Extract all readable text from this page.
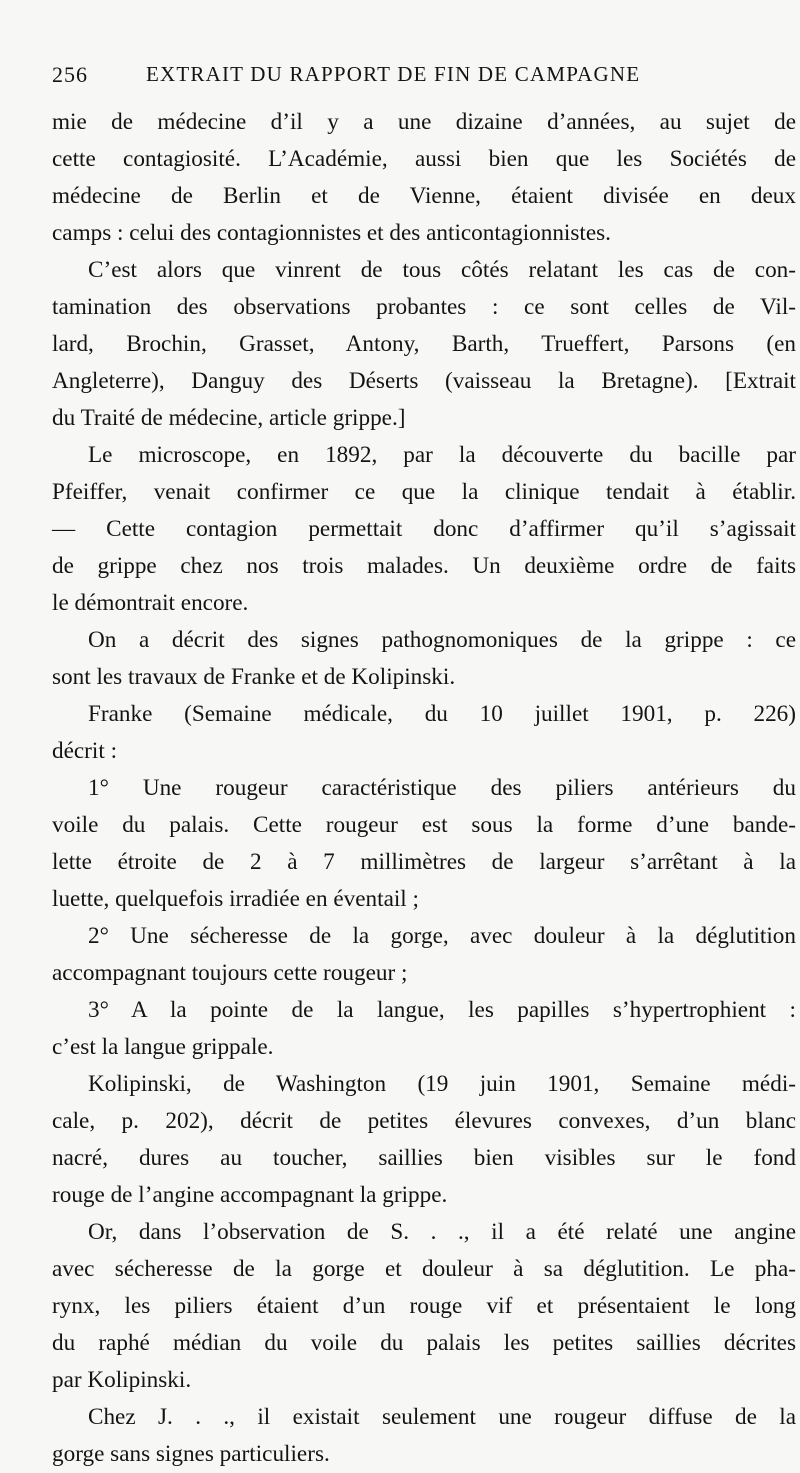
256	EXTRAIT DU RAPPORT DE FIN DE CAMPAGNE
mie de médecine d’il y a une dizaine d’années, au sujet de
cette contagiosité. L’Académie, aussi bien que les Sociétés de
médecine de Berlin et de Vienne, étaient divisée en deux
camps : celui des contagionnistes et des anticontagionnistes.
C’est alors que vinrent de tous côtés relatant les cas de con-
tamination des observations probantes : ce sont celles de Vil-
lard, Brochin, Grasset, Antony, Barth, Trueffert, Parsons (en
Angleterre), Danguy des Déserts (vaisseau la Bretagne). [Extrait
du Traité de médecine, article grippe.]
Le microscope, en 1892, par la découverte du bacille par
Pfeiffer, venait confirmer ce que la clinique tendait à établir.
— Cette contagion permettait donc d’affirmer qu’il s’agissait
de grippe chez nos trois malades. Un deuxième ordre de faits
le démontrait encore.
On a décrit des signes pathognomoniques de la grippe : ce
sont les travaux de Franke et de Kolipinski.
Franke (Semaine médicale, du 10 juillet 1901, p. 226)
décrit :
1° Une rougeur caractéristique des piliers antérieurs du
voile du palais. Cette rougeur est sous la forme d’une bande-
lette étroite de 2 à 7 millimètres de largeur s’arrêtant à la
luette, quelquefois irradiée en éventail ;
2° Une sécheresse de la gorge, avec douleur à la déglutition
accompagnant toujours cette rougeur ;
3° A la pointe de la langue, les papilles s’hypertrophient :
c’est la langue grippale.
Kolipinski, de Washington (19 juin 1901, Semaine médi-
cale, p. 202), décrit de petites élevures convexes, d’un blanc
nacré, dures au toucher, saillies bien visibles sur le fond
rouge de l’angine accompagnant la grippe.
Or, dans l’observation de S. . ., il a été relaté une angine
avec sécheresse de la gorge et douleur à sa déglutition. Le pha-
rynx, les piliers étaient d’un rouge vif et présentaient le long
du raphé médian du voile du palais les petites saillies décrites
par Kolipinski.
Chez J. . ., il existait seulement une rougeur diffuse de la
gorge sans signes particuliers.
